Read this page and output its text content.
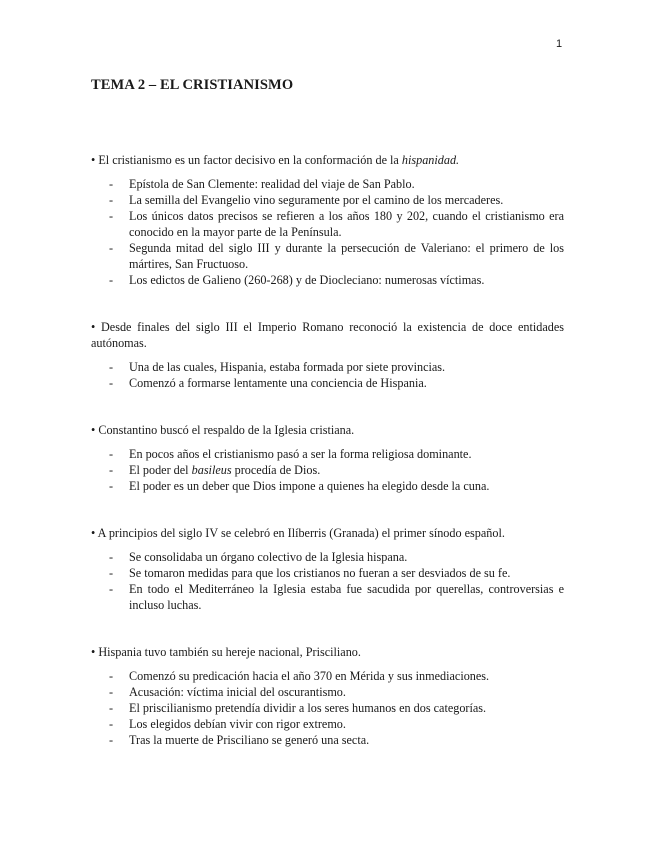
1
TEMA 2 – EL CRISTIANISMO

• El cristianismo es un factor decisivo en la conformación de la hispanidad.

- Epístola de San Clemente: realidad del viaje de San Pablo.
- La semilla del Evangelio vino seguramente por el camino de los mercaderes.
- Los únicos datos precisos se refieren a los años 180 y 202, cuando el cristianismo era conocido en la mayor parte de la Península.
- Segunda mitad del siglo III y durante la persecución de Valeriano: el primero de los mártires, San Fructuoso.
- Los edictos de Galieno (260-268) y de Diocleciano: numerosas víctimas.

• Desde finales del siglo III el Imperio Romano reconoció la existencia de doce entidades autónomas.

- Una de las cuales, Hispania, estaba formada por siete provincias.
- Comenzó a formarse lentamente una conciencia de Hispania.

• Constantino buscó el respaldo de la Iglesia cristiana.

- En pocos años el cristianismo pasó a ser la forma religiosa dominante.
- El poder del basileus procedía de Dios.
- El poder es un deber que Dios impone a quienes ha elegido desde la cuna.

• A principios del siglo IV se celebró en Ilíberris (Granada) el primer sínodo español.

- Se consolidaba un órgano colectivo de la Iglesia hispana.
- Se tomaron medidas para que los cristianos no fueran a ser desviados de su fe.
- En todo el Mediterráneo la Iglesia estaba fue sacudida por querellas, controversias e incluso luchas.

• Hispania tuvo también su hereje nacional, Prisciliano.

- Comenzó su predicación hacia el año 370 en Mérida y sus inmediaciones.
- Acusación: víctima inicial del oscurantismo.
- El priscilianismo pretendía dividir a los seres humanos en dos categorías.
- Los elegidos debían vivir con rigor extremo.
- Tras la muerte de Prisciliano se generó una secta.
